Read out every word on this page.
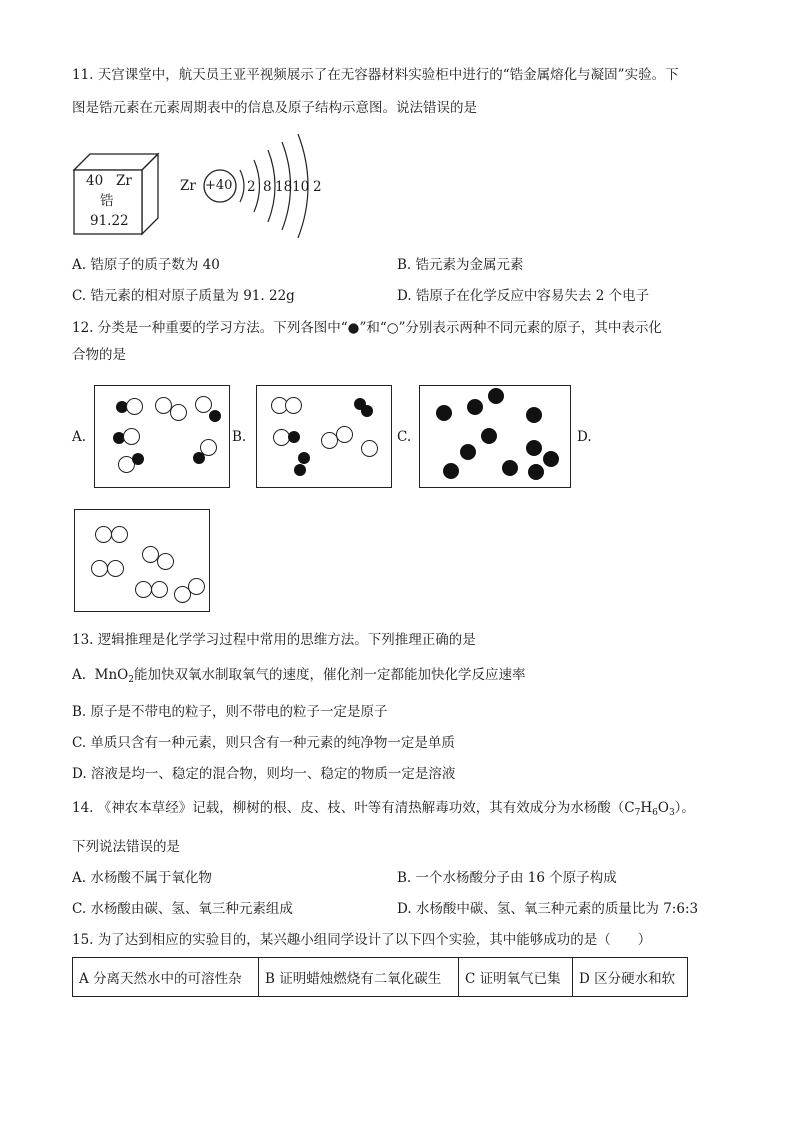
11. 天宫课堂中，航天员王亚平视频展示了在无容器材料实验柜中进行的“锆金属熔化与凝固”实验。下
图是锆元素在元素周期表中的信息及原子结构示意图。说法错误的是
40 Zr
锆
91.22
Zr +40 2 8 18 10 2
A. 锆原子的质子数为 40	B. 锆元素为金属元素
C. 锆元素的相对原子质量为 91. 22g	D. 锆原子在化学反应中容易失去 2 个电子
12. 分类是一种重要的学习方法。下列各图中“●”和“○”分别表示两种不同元素的原子，其中表示化
合物的是
A.	B.	C.	D.
13. 逻辑推理是化学学习过程中常用的思维方法。下列推理正确的是
A. MnO$_2$能加快双氧水制取氧气的速度，催化剂一定都能加快化学反应速率
B. 原子是不带电的粒子，则不带电的粒子一定是原子
C. 单质只含有一种元素，则只含有一种元素的纯净物一定是单质
D. 溶液是均一、稳定的混合物，则均一、稳定的物质一定是溶液
14. 《神农本草经》记载，柳树的根、皮、枝、叶等有清热解毒功效，其有效成分为水杨酸$(C_7H_6O_3)$。
下列说法错误的是
A. 水杨酸不属于氧化物	B. 一个水杨酸分子由 16 个原子构成
C. 水杨酸由碳、氢、氧三种元素组成	D. 水杨酸中碳、氢、氧三种元素的质量比为 7:6:3
15. 为了达到相应的实验目的，某兴趣小组同学设计了以下四个实验，其中能够成功的是（　　）
A 分离天然水中的可溶性杂	B 证明蜡烛燃烧有二氧化碳生	C 证明氧气已集	D 区分硬水和软
